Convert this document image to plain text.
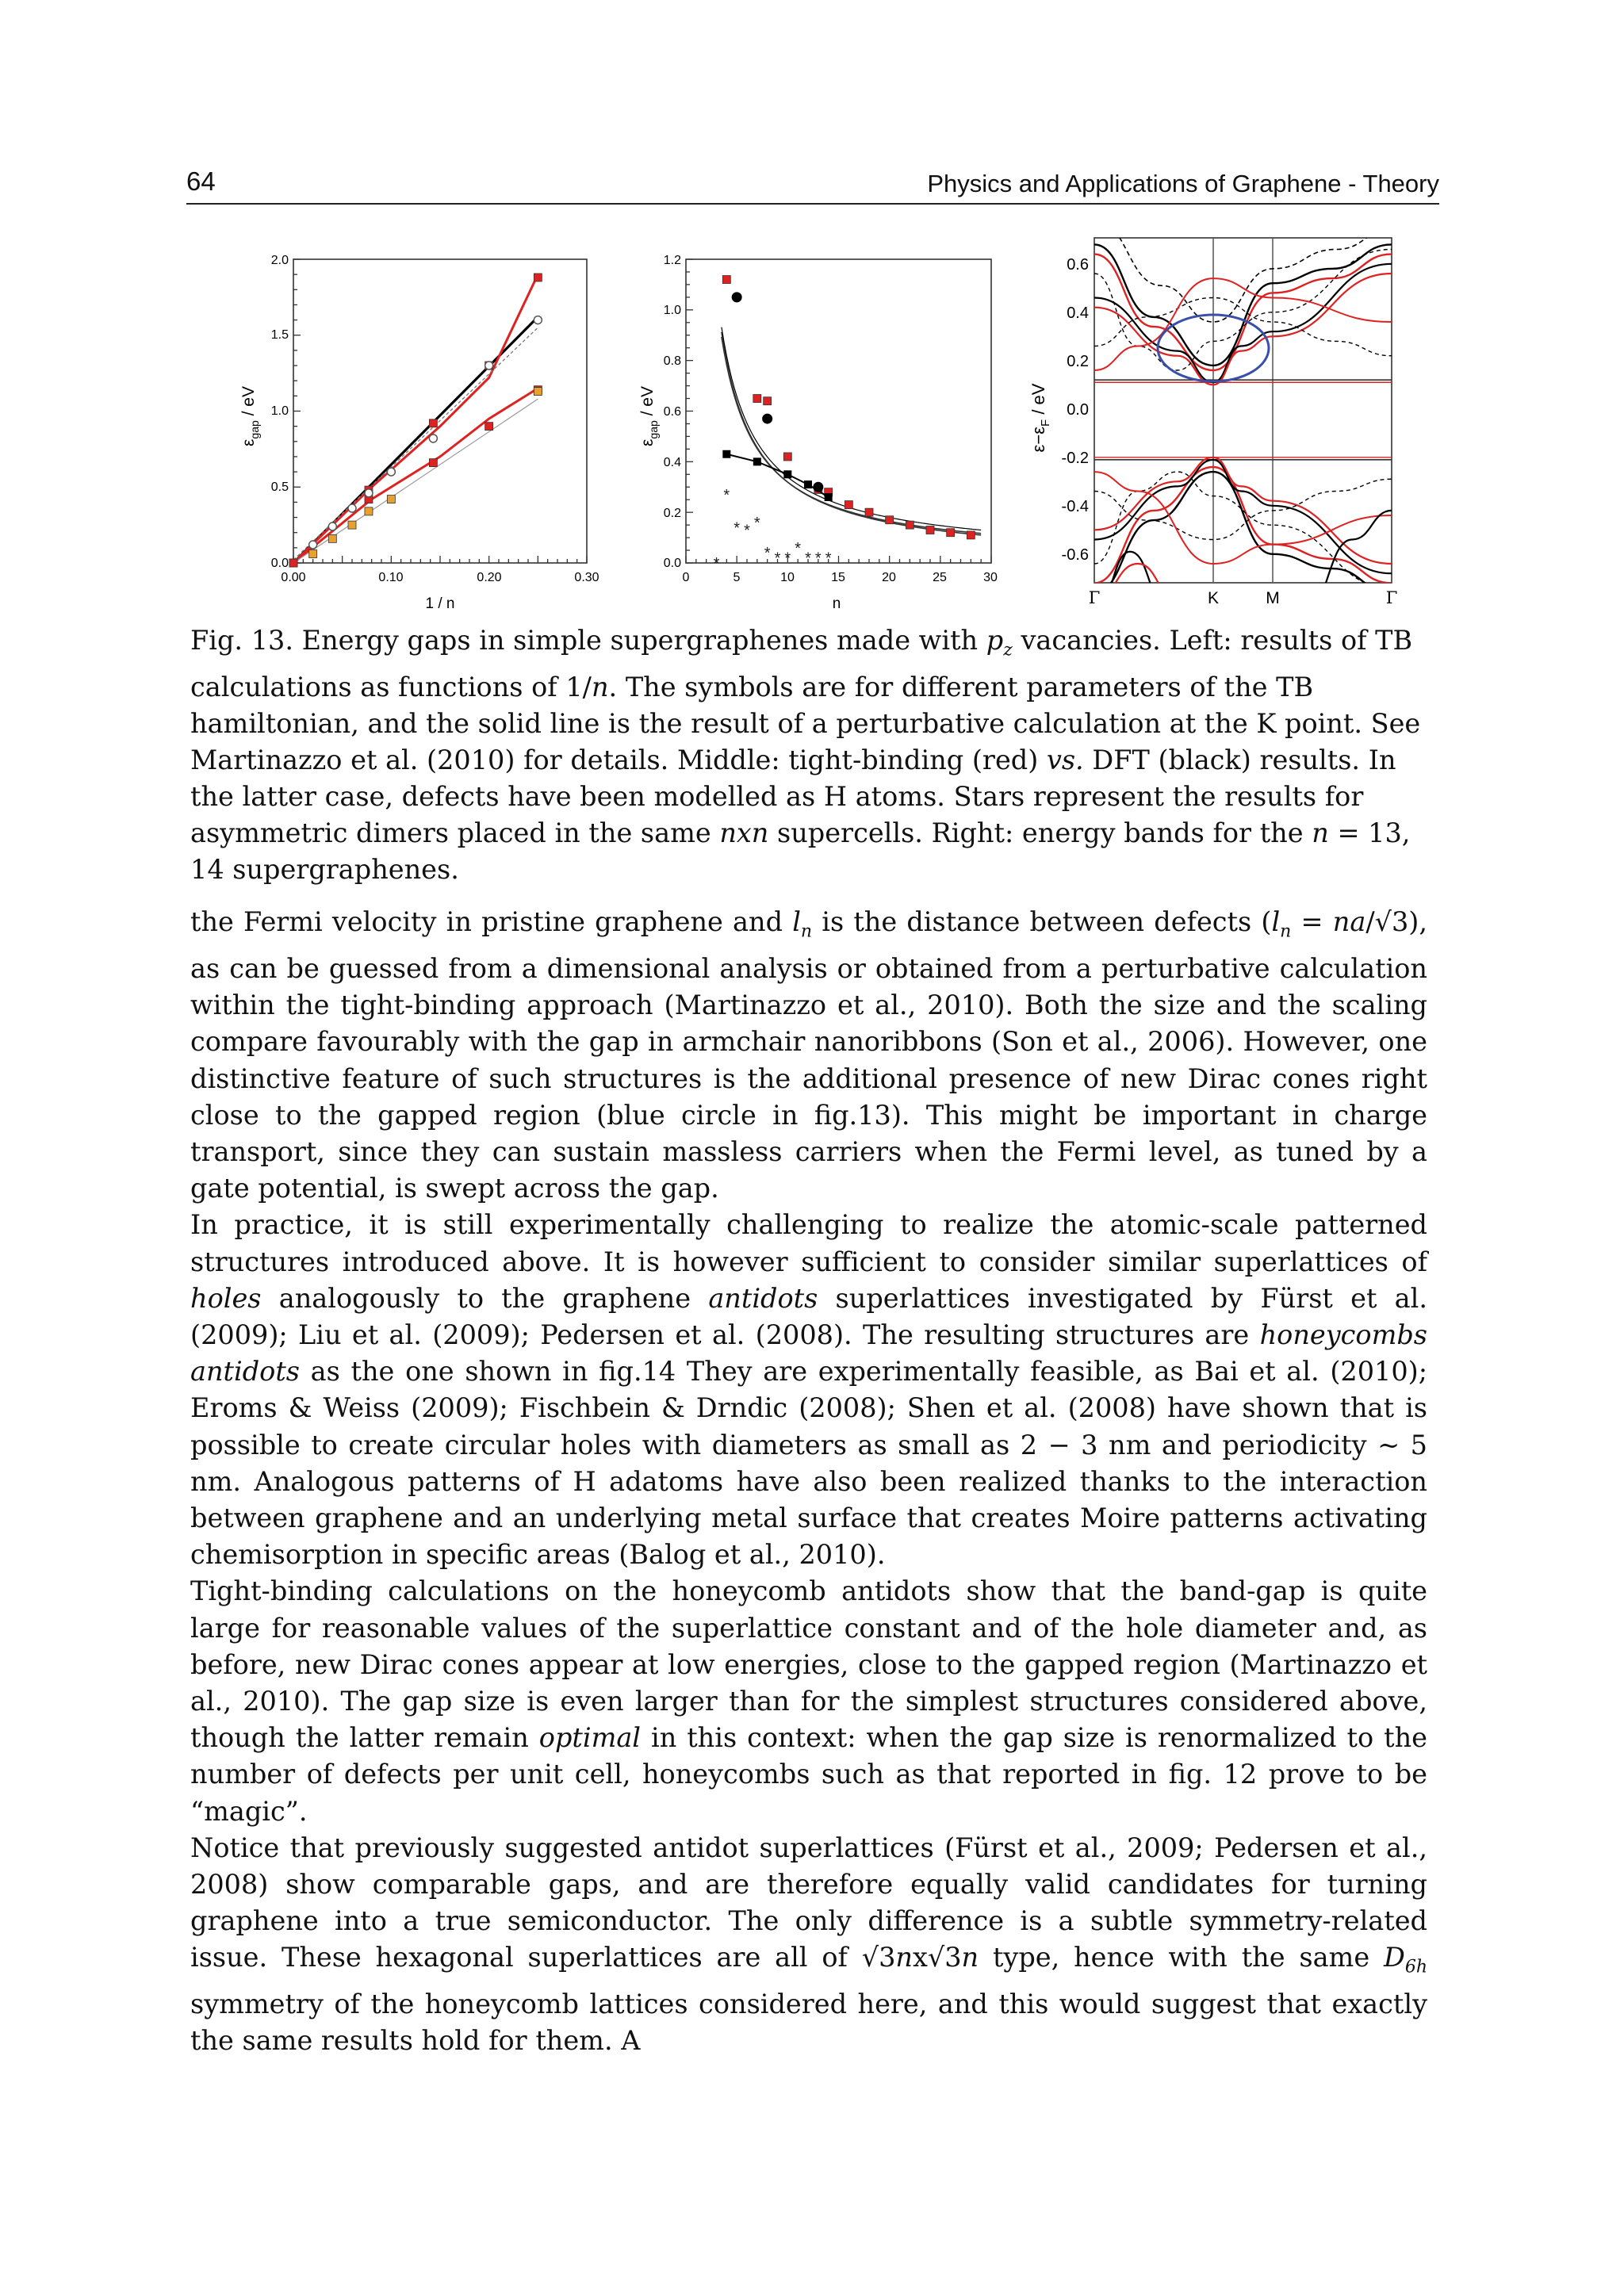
64	Physics and Applications of Graphene - Theory
0.00	0.10	0.20	0.30
0.0
0.5
1.0
1.5
2.0
1 / n
$\varepsilon_{gap}$ / eV
0	5	10	15	20	25	30
0.0
0.2
0.4
0.6
0.8
1.0
1.2
n
$\varepsilon_{gap}$ / eV
*
*
* * *
* * *
*
* * *
0.6
0.4
0.2
0.0
-0.2
-0.4
-0.6
Γ	K	M	Γ
$\varepsilon-\varepsilon_F$ / eV
Fig. 13. Energy gaps in simple supergraphenes made with $p_z$ vacancies. Left: results of TB calculations as functions of 1/n. The symbols are for different parameters of the TB hamiltonian, and the solid line is the result of a perturbative calculation at the K point. See Martinazzo et al. (2010) for details. Middle: tight-binding (red) vs. DFT (black) results. In the latter case, defects have been modelled as H atoms. Stars represent the results for asymmetric dimers placed in the same nxn supercells. Right: energy bands for the n = 13, 14 supergraphenes.

the Fermi velocity in pristine graphene and $l_n$ is the distance between defects $(l_n = na/√3)$, as can be guessed from a dimensional analysis or obtained from a perturbative calculation within the tight-binding approach (Martinazzo et al., 2010). Both the size and the scaling compare favourably with the gap in armchair nanoribbons (Son et al., 2006). However, one distinctive feature of such structures is the additional presence of new Dirac cones right close to the gapped region (blue circle in fig.13). This might be important in charge transport, since they can sustain massless carriers when the Fermi level, as tuned by a gate potential, is swept across the gap.

In practice, it is still experimentally challenging to realize the atomic-scale patterned structures introduced above. It is however sufficient to consider similar superlattices of holes analogously to the graphene antidots superlattices investigated by Fürst et al. (2009); Liu et al. (2009); Pedersen et al. (2008). The resulting structures are honeycombs antidots as the one shown in fig.14 They are experimentally feasible, as Bai et al. (2010); Eroms & Weiss (2009); Fischbein & Drndic (2008); Shen et al. (2008) have shown that is possible to create circular holes with diameters as small as 2 − 3 nm and periodicity ∼ 5 nm. Analogous patterns of H adatoms have also been realized thanks to the interaction between graphene and an underlying metal surface that creates Moire patterns activating chemisorption in specific areas (Balog et al., 2010).

Tight-binding calculations on the honeycomb antidots show that the band-gap is quite large for reasonable values of the superlattice constant and of the hole diameter and, as before, new Dirac cones appear at low energies, close to the gapped region (Martinazzo et al., 2010). The gap size is even larger than for the simplest structures considered above, though the latter remain optimal in this context: when the gap size is renormalized to the number of defects per unit cell, honeycombs such as that reported in fig. 12 prove to be “magic”.

Notice that previously suggested antidot superlattices (Fürst et al., 2009; Pedersen et al., 2008) show comparable gaps, and are therefore equally valid candidates for turning graphene into a true semiconductor. The only difference is a subtle symmetry-related issue. These hexagonal superlattices are all of √3nx√3n type, hence with the same $D_{6h}$ symmetry of the honeycomb lattices considered here, and this would suggest that exactly the same results hold for them. A
